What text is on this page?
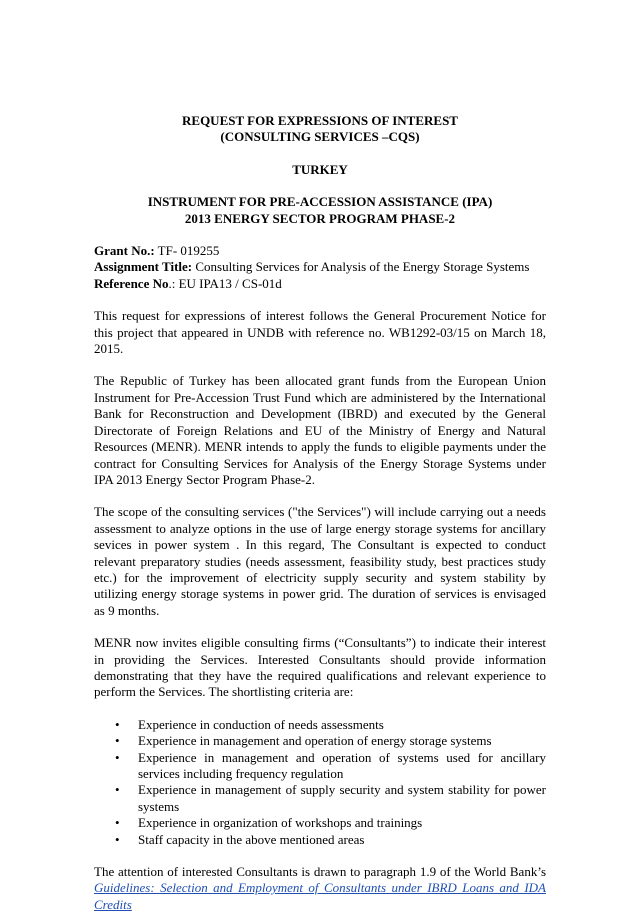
REQUEST FOR EXPRESSIONS OF INTEREST
(CONSULTING SERVICES –CQS)
TURKEY
INSTRUMENT FOR PRE-ACCESSION ASSISTANCE (IPA)
2013 ENERGY SECTOR PROGRAM PHASE-2

Grant No.: TF- 019255

Assignment Title: Consulting Services for Analysis of the Energy Storage Systems

Reference No.: EU IPA13 / CS-01d

This request for expressions of interest follows the General Procurement Notice for this project that appeared in UNDB with reference no. WB1292-03/15 on March 18, 2015.

The Republic of Turkey has been allocated grant funds from the European Union Instrument for Pre-Accession Trust Fund which are administered by the International Bank for Reconstruction and Development (IBRD) and executed by the General Directorate of Foreign Relations and EU of the Ministry of Energy and Natural Resources (MENR). MENR intends to apply the funds to eligible payments under the contract for Consulting Services for Analysis of the Energy Storage Systems under IPA 2013 Energy Sector Program Phase-2.

The scope of the consulting services ("the Services") will include carrying out a needs assessment to analyze options in the use of large energy storage systems for ancillary sevices in power system . In this regard, The Consultant is expected to conduct relevant preparatory studies (needs assessment, feasibility study, best practices study etc.) for the improvement of electricity supply security and system stability by utilizing energy storage systems in power grid. The duration of services is envisaged as 9 months.

MENR now invites eligible consulting firms (“Consultants”) to indicate their interest in providing the Services. Interested Consultants should provide information demonstrating that they have the required qualifications and relevant experience to perform the Services. The shortlisting criteria are:

• Experience in conduction of needs assessments
• Experience in management and operation of energy storage systems
• Experience in management and operation of systems used for ancillary services including frequency regulation
• Experience in management of supply security and system stability for power systems
• Experience in organization of workshops and trainings
• Staff capacity in the above mentioned areas

The attention of interested Consultants is drawn to paragraph 1.9 of the World Bank’s Guidelines: Selection and Employment of Consultants under IBRD Loans and IDA Credits
